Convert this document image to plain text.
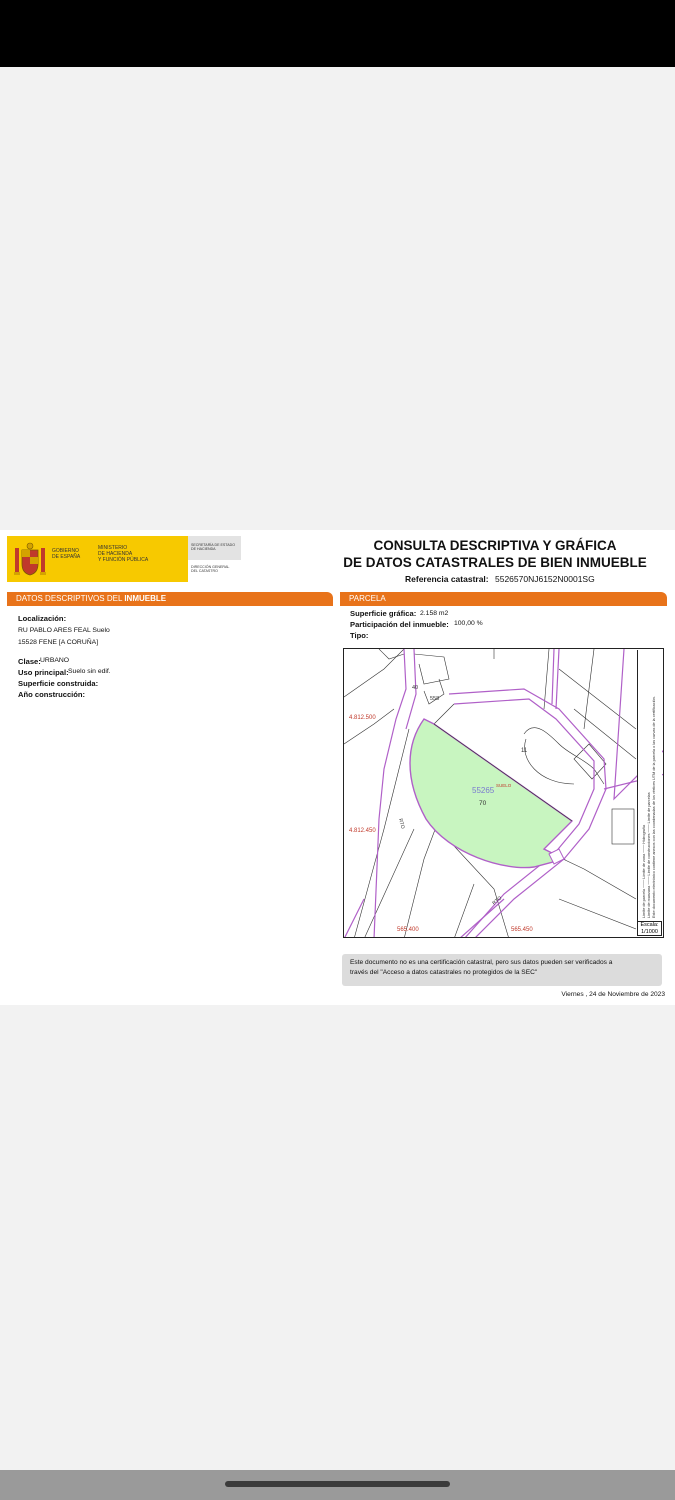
GOBIERNO
DE ESPAÑA
MINISTERIO
DE HACIENDA
Y FUNCIÓN PÚBLICA
SECRETARÍA DE ESTADO
DE HACIENDA
DIRECCIÓN GENERAL
DEL CATASTRO
CONSULTA DESCRIPTIVA Y GRÁFICA
DE DATOS CATASTRALES DE BIEN INMUEBLE
Referencia catastral: 5526570NJ6152N0001SG
DATOS DESCRIPTIVOS DEL INMUEBLE
Localización:
RU PABLO ARES FEAL Suelo
15528 FENE [A CORUÑA]
Clase: URBANO
Uso principal: Suelo sin edif.
Superficie construida:
Año construcción:
PARCELA
Superficie gráfica: 2.158 m2
Participación del inmueble: 100,00 %
Tipo:
4.812.500
4.812.450
565.400	565.450
55265
70
SUELO
11
40
558
RTO
RTO	Límite de parcela ─── Límite de zona ─── Hidrografía Límite de manzana ─── Límite de construcciones ─── Límite de parcelas Este documento electrónico contiene anexos con las coordenadas de los vértices UTM de la parcela o las curvas de la certificación.
Escala:
1/1000
Este documento no es una certificación catastral, pero sus datos pueden ser verificados a
través del "Acceso a datos catastrales no protegidos de la SEC"
Viernes , 24 de Noviembre de 2023
